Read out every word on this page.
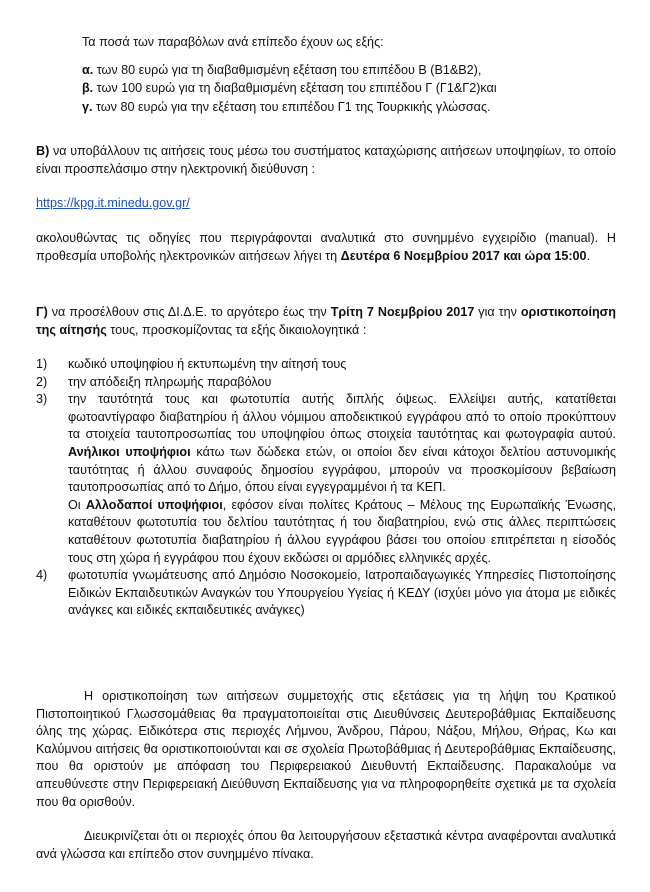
Τα ποσά των παραβόλων ανά επίπεδο έχουν ως εξής:

α. των 80 ευρώ για τη διαβαθμισμένη εξέταση του επιπέδου Β (Β1&Β2),

β. των 100 ευρώ για τη διαβαθμισμένη εξέταση του επιπέδου Γ (Γ1&Γ2)και

γ. των 80 ευρώ για την εξέταση του επιπέδου Γ1 της Τουρκικής γλώσσας.

Β) να υποβάλλουν τις αιτήσεις τους μέσω του συστήματος καταχώρισης αιτήσεων υποψηφίων, το οποίο είναι προσπελάσιμο στην ηλεκτρονική διεύθυνση :

https://kpg.it.minedu.gov.gr/

ακολουθώντας τις οδηγίες που περιγράφονται αναλυτικά στο συνημμένο εγχειρίδιο (manual). Η προθεσμία υποβολής ηλεκτρονικών αιτήσεων λήγει τη Δευτέρα 6 Νοεμβρίου 2017 και ώρα 15:00.

Γ) να προσέλθουν στις ΔΙ.Δ.Ε. το αργότερο έως την Τρίτη 7 Νοεμβρίου 2017 για την οριστικοποίηση της αίτησής τους, προσκομίζοντας τα εξής δικαιολογητικά :

1) κωδικό υποψηφίου ή εκτυπωμένη την αίτησή τους
2) την απόδειξη πληρωμής παραβόλου
3) την ταυτότητά τους και φωτοτυπία αυτής διπλής όψεως. Ελλείψει αυτής, κατατίθεται φωτοαντίγραφο διαβατηρίου ή άλλου νόμιμου αποδεικτικού εγγράφου από το οποίο προκύπτουν τα στοιχεία ταυτοπροσωπίας του υποψηφίου όπως στοιχεία ταυτότητας και φωτογραφία αυτού. Ανήλικοι υποψήφιοι κάτω των δώδεκα ετών, οι οποίοι δεν είναι κάτοχοι δελτίου αστυνομικής ταυτότητας ή άλλου συναφούς δημοσίου εγγράφου, μπορούν να προσκομίσουν βεβαίωση ταυτοπροσωπίας από το Δήμο, όπου είναι εγγεγραμμένοι ή τα ΚΕΠ.
Οι Αλλοδαποί υποψήφιοι, εφόσον είναι πολίτες Κράτους – Μέλους της Ευρωπαϊκής Ένωσης, καταθέτουν φωτοτυπία του δελτίου ταυτότητας ή του διαβατηρίου, ενώ στις άλλες περιπτώσεις καταθέτουν φωτοτυπία διαβατηρίου ή άλλου εγγράφου βάσει του οποίου επιτρέπεται η είσοδός τους στη χώρα ή εγγράφου που έχουν εκδώσει οι αρμόδιες ελληνικές αρχές.
4) φωτοτυπία γνωμάτευσης από Δημόσιο Νοσοκομείο, Ιατροπαιδαγωγικές Υπηρεσίες Πιστοποίησης Ειδικών Εκπαιδευτικών Αναγκών του Υπουργείου Υγείας ή ΚΕΔΥ (ισχύει μόνο για άτομα με ειδικές ανάγκες και ειδικές εκπαιδευτικές ανάγκες)

Η οριστικοποίηση των αιτήσεων συμμετοχής στις εξετάσεις για τη λήψη του Κρατικού Πιστοποιητικού Γλωσσομάθειας θα πραγματοποιείται στις Διευθύνσεις Δευτεροβάθμιας Εκπαίδευσης όλης της χώρας. Ειδικότερα στις περιοχές Λήμνου, Άνδρου, Πάρου, Νάξου, Μήλου, Θήρας, Κω και Καλύμνου αιτήσεις θα οριστικοποιούνται και σε σχολεία Πρωτοβάθμιας ή Δευτεροβάθμιας Εκπαίδευσης, που θα οριστούν με απόφαση του Περιφερειακού Διευθυντή Εκπαίδευσης. Παρακαλούμε να απευθύνεστε στην Περιφερειακή Διεύθυνση Εκπαίδευσης για να πληροφορηθείτε σχετικά με τα σχολεία που θα ορισθούν.

Διευκρινίζεται ότι οι περιοχές όπου θα λειτουργήσουν εξεταστικά κέντρα αναφέρονται αναλυτικά ανά γλώσσα και επίπεδο στον συνημμένο πίνακα.
